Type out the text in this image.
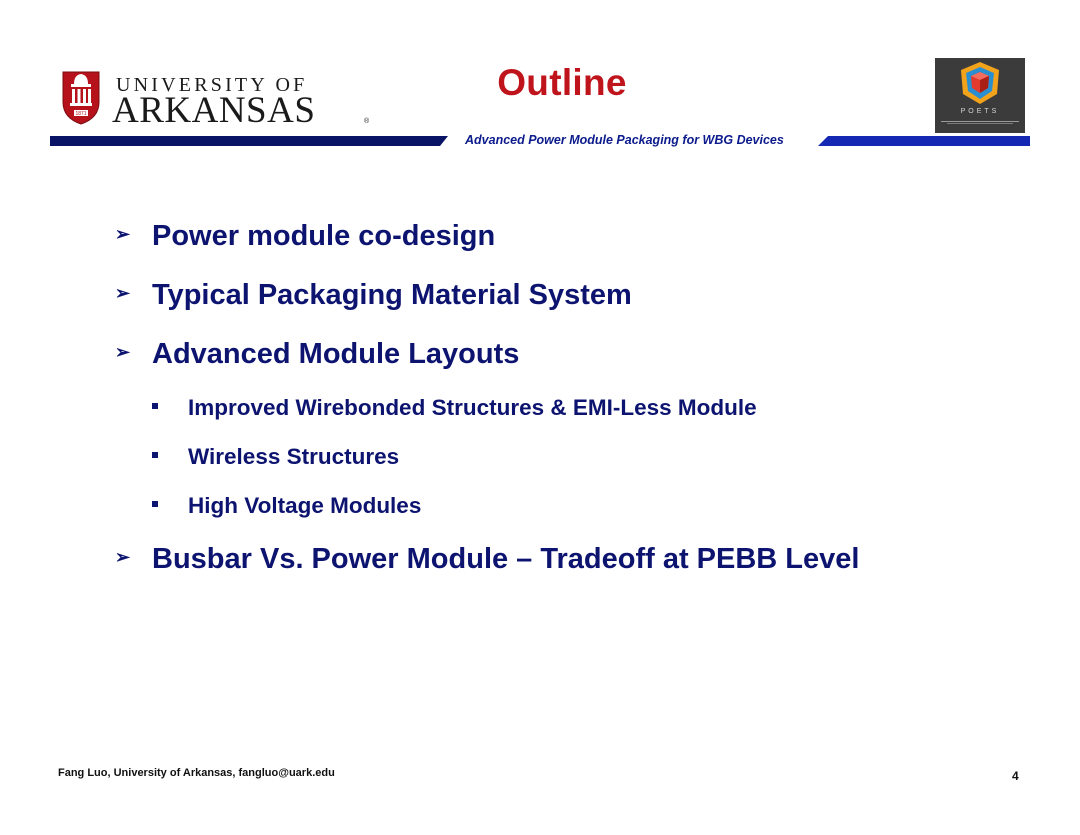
1871
UNIVERSITY OF
ARKANSAS	®
Outline
POETS
Advanced Power Module Packaging for WBG Devices
➢ Power module co-design
➢ Typical Packaging Material System
➢ Advanced Module Layouts
Improved Wirebonded Structures & EMI-Less Module
Wireless Structures
High Voltage Modules
➢ Busbar Vs. Power Module – Tradeoff at PEBB Level
Fang Luo, University of Arkansas, fangluo@uark.edu	4
